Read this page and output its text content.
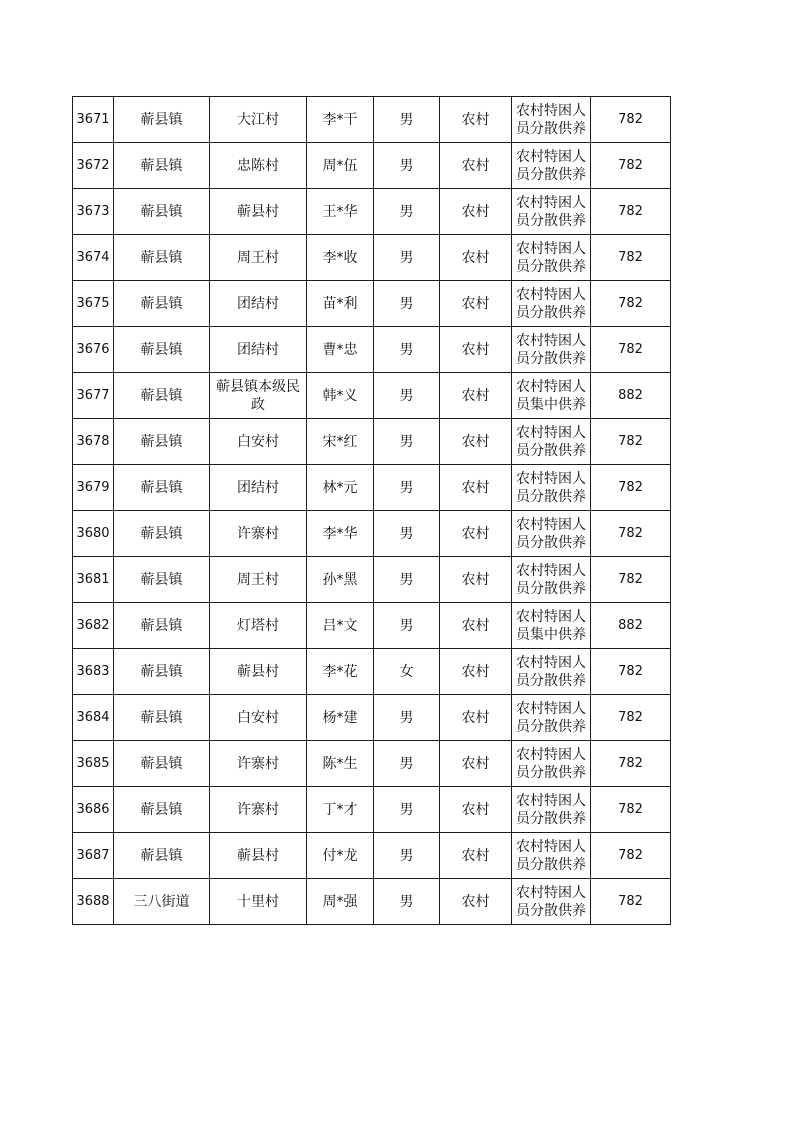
3671	蕲县镇	大江村	李*干	男	农村	农村特困人员分散供养	782
3672	蕲县镇	忠陈村	周*伍	男	农村	农村特困人员分散供养	782
3673	蕲县镇	蕲县村	王*华	男	农村	农村特困人员分散供养	782
3674	蕲县镇	周王村	李*收	男	农村	农村特困人员分散供养	782
3675	蕲县镇	团结村	苗*利	男	农村	农村特困人员分散供养	782
3676	蕲县镇	团结村	曹*忠	男	农村	农村特困人员分散供养	782
3677	蕲县镇	蕲县镇本级民政	韩*义	男	农村	农村特困人员集中供养	882
3678	蕲县镇	白安村	宋*红	男	农村	农村特困人员分散供养	782
3679	蕲县镇	团结村	林*元	男	农村	农村特困人员分散供养	782
3680	蕲县镇	许寨村	李*华	男	农村	农村特困人员分散供养	782
3681	蕲县镇	周王村	孙*黑	男	农村	农村特困人员分散供养	782
3682	蕲县镇	灯塔村	吕*文	男	农村	农村特困人员集中供养	882
3683	蕲县镇	蕲县村	李*花	女	农村	农村特困人员分散供养	782
3684	蕲县镇	白安村	杨*建	男	农村	农村特困人员分散供养	782
3685	蕲县镇	许寨村	陈*生	男	农村	农村特困人员分散供养	782
3686	蕲县镇	许寨村	丁*才	男	农村	农村特困人员分散供养	782
3687	蕲县镇	蕲县村	付*龙	男	农村	农村特困人员分散供养	782
3688	三八街道	十里村	周*强	男	农村	农村特困人员分散供养	782
